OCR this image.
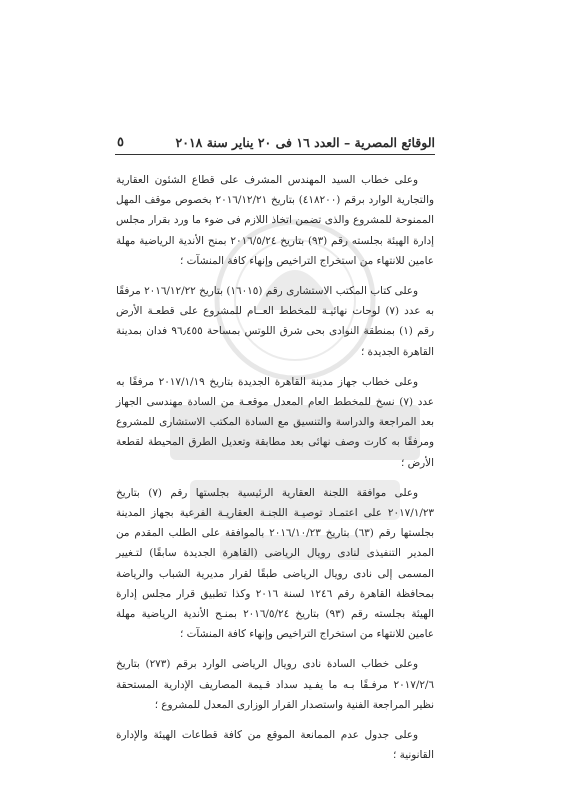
الوقائع المصرية – العدد ١٦ فى ٢٠ يناير سنة ٢٠١٨
٥

وعلى خطاب السيد المهندس المشرف على قطاع الشئون العقارية والتجارية الوارد برقم (٤١٨٢٠٠) بتاريخ ٢٠١٦/١٢/٢١ بخصوص موقف المهل الممنوحة للمشروع والذى تضمن اتخاذ اللازم فى ضوء ما ورد بقرار مجلس إدارة الهيئة بجلسته رقم (٩٣) بتاريخ ٢٠١٦/٥/٢٤ بمنح الأندية الرياضية مهلة عامين للانتهاء من استخراج التراخيص وإنهاء كافة المنشآت ؛

وعلى كتاب المكتب الاستشارى رقم (١٦٠١٥) بتاريخ ٢٠١٦/١٢/٢٢ مرفقًا به عدد (٧) لوحات نهائيـة للمخطط العــام للمشروع على قطعـة الأرض رقم (١) بمنطقة النوادى بحى شرق اللوتس بمساحة ٩٦٫٤٥٥ فدان بمدينة القاهرة الجديدة ؛

وعلى خطاب جهاز مدينة القاهرة الجديدة بتاريخ ٢٠١٧/١/١٩ مرفقًا به عدد (٧) نسخ للمخطط العام المعدل موقعـة من السادة مهندسى الجهاز بعد المراجعة والدراسة والتنسيق مع السادة المكتب الاستشارى للمشروع ومرفقًا به كارت وصف نهائى بعد مطابقة وتعديل الطرق المحيطة لقطعة الأرض ؛

وعلى موافقة اللجنة العقارية الرئيسية بجلستها رقم (٧) بتاريخ ٢٠١٧/١/٢٣ على اعتمـاد توصيـة اللجنـة العقاريـة الفرعية بجهاز المدينة بجلستها رقم (٦٣) بتاريخ ٢٠١٦/١٠/٢٣ بالموافقة على الطلب المقدم من المدير التنفيذى لنادى رويال الرياضى (القاهرة الجديدة سابقًا) لتـغيير المسمى إلى نادى رويال الرياضى طبقًا لقرار مديرية الشباب والرياضة بمحافظة القاهرة رقم ١٢٤٦ لسنة ٢٠١٦ وكذا تطبيق قرار مجلس إدارة الهيئة بجلسته رقم (٩٣) بتاريخ ٢٠١٦/٥/٢٤ بمنـح الأندية الرياضية مهلة عامين للانتهاء من استخراج التراخيص وإنهاء كافة المنشآت ؛

وعلى خطاب السادة نادى رويال الرياضى الوارد برقم (٢٧٣) بتاريخ ٢٠١٧/٢/٦ مرفـقًا بـه ما يفـيد سداد قـيمة المصاريف الإدارية المستحقة نظير المراجعة الفنية واستصدار القرار الوزارى المعدل للمشروع ؛

وعلى جدول عدم الممانعة الموقع من كافة قطاعات الهيئة والإدارة القانونية ؛
